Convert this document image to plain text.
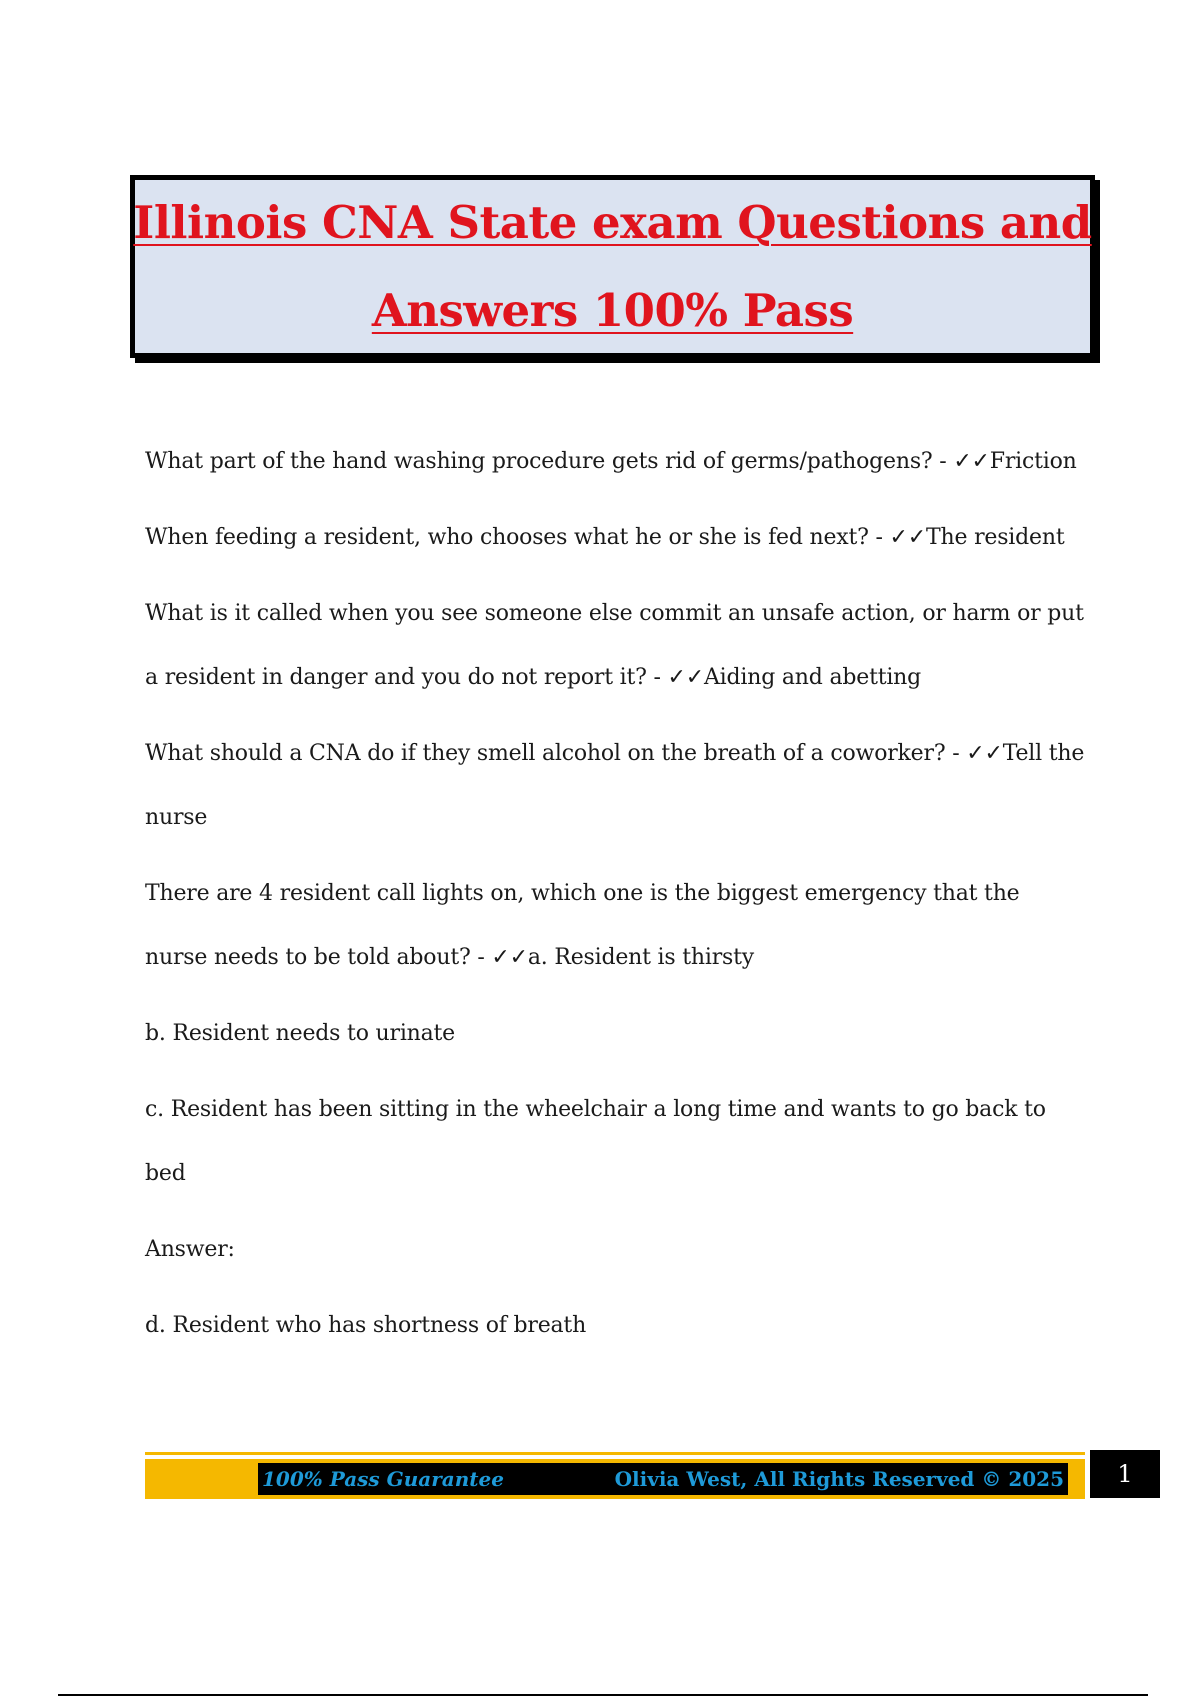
Illinois CNA State exam Questions and
Answers 100% Pass

What part of the hand washing procedure gets rid of germs/pathogens? - ✓✓Friction

When feeding a resident, who chooses what he or she is fed next? - ✓✓The resident

What is it called when you see someone else commit an unsafe action, or harm or put a resident in danger and you do not report it? - ✓✓Aiding and abetting

What should a CNA do if they smell alcohol on the breath of a coworker? - ✓✓Tell the nurse

There are 4 resident call lights on, which one is the biggest emergency that the nurse needs to be told about? - ✓✓a. Resident is thirsty

b. Resident needs to urinate

c. Resident has been sitting in the wheelchair a long time and wants to go back to bed

Answer:

d. Resident who has shortness of breath

100% Pass Guarantee	Olivia West, All Rights Reserved © 2025	1
